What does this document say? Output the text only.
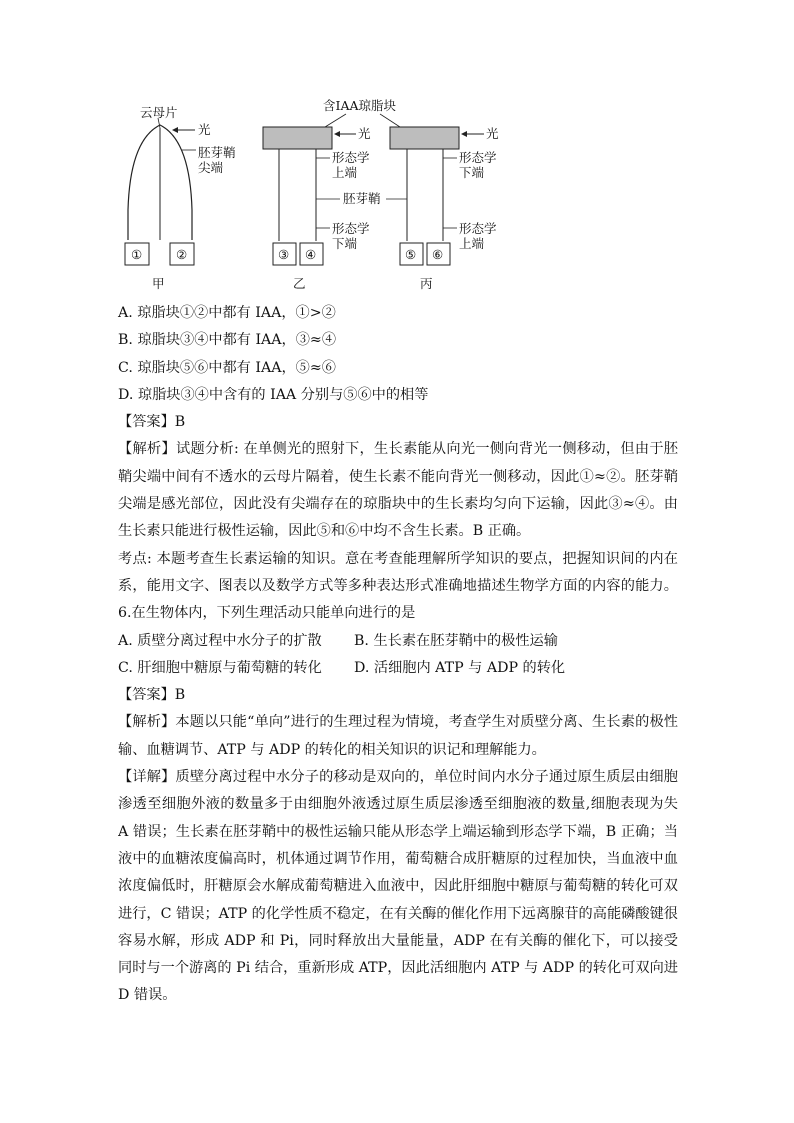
云母片
光
胚芽鞘
尖端
①	②
甲
含IAA琼脂块
光
形态学
上端
胚芽鞘
形态学
下端
③ ④
乙
光
形态学
下端
形态学
上端
⑤ ⑥
丙
A. 琼脂块①②中都有 IAA，①>②
B. 琼脂块③④中都有 IAA，③≈④
C. 琼脂块⑤⑥中都有 IAA，⑤≈⑥
D. 琼脂块③④中含有的 IAA 分别与⑤⑥中的相等
【答案】B
【解析】试题分析: 在单侧光的照射下，生长素能从向光一侧向背光一侧移动，但由于胚
鞘尖端中间有不透水的云母片隔着，使生长素不能向背光一侧移动，因此①≈②。胚芽鞘
尖端是感光部位，因此没有尖端存在的琼脂块中的生长素均匀向下运输，因此③≈④。由
生长素只能进行极性运输，因此⑤和⑥中均不含生长素。B 正确。
考点: 本题考查生长素运输的知识。意在考查能理解所学知识的要点，把握知识间的内在
系，能用文字、图表以及数学方式等多种表达形式准确地描述生物学方面的内容的能力。
6.在生物体内，下列生理活动只能单向进行的是
A. 质壁分离过程中水分子的扩散	B. 生长素在胚芽鞘中的极性运输
C. 肝细胞中糖原与葡萄糖的转化	D. 活细胞内 ATP 与 ADP 的转化
【答案】B
【解析】本题以只能“单向”进行的生理过程为情境，考查学生对质壁分离、生长素的极性
输、血糖调节、ATP 与 ADP 的转化的相关知识的识记和理解能力。
【详解】质壁分离过程中水分子的移动是双向的，单位时间内水分子通过原生质层由细胞
渗透至细胞外液的数量多于由细胞外液透过原生质层渗透至细胞液的数量,细胞表现为失
A 错误；生长素在胚芽鞘中的极性运输只能从形态学上端运输到形态学下端，B 正确；当
液中的血糖浓度偏高时，机体通过调节作用，葡萄糖合成肝糖原的过程加快，当血液中血
浓度偏低时，肝糖原会水解成葡萄糖进入血液中，因此肝细胞中糖原与葡萄糖的转化可双
进行，C 错误；ATP 的化学性质不稳定，在有关酶的催化作用下远离腺苷的高能磷酸键很
容易水解，形成 ADP 和 Pi，同时释放出大量能量，ADP 在有关酶的催化下，可以接受
同时与一个游离的 Pi 结合，重新形成 ATP，因此活细胞内 ATP 与 ADP 的转化可双向进
D 错误。
